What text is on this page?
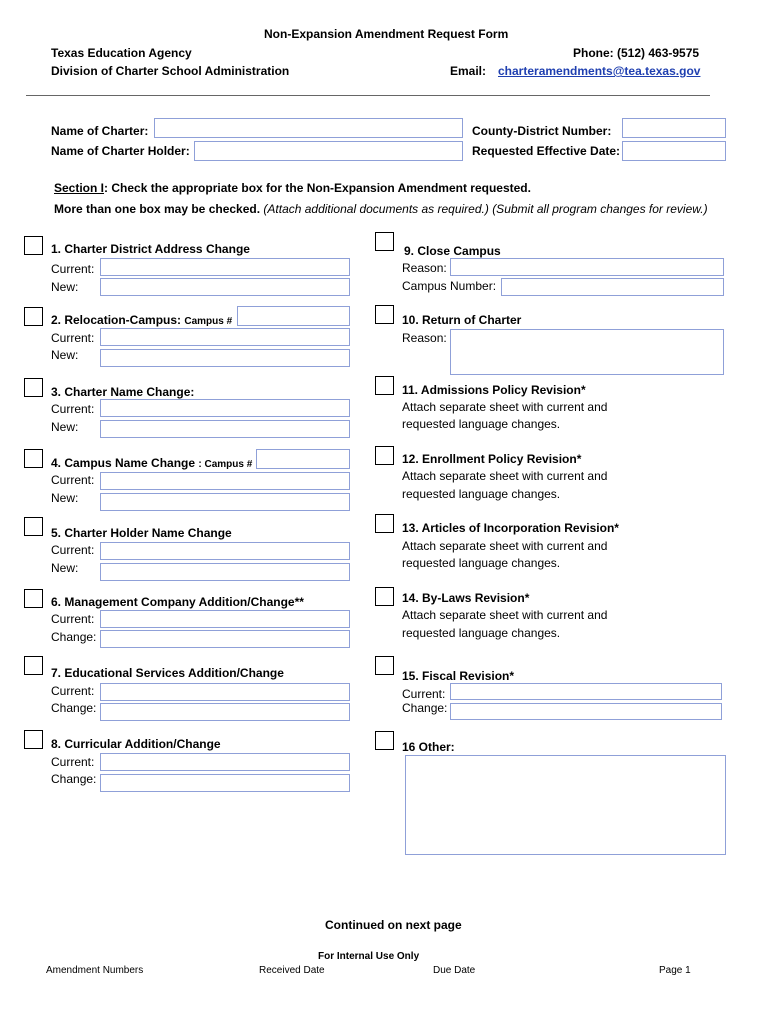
Non-Expansion Amendment Request Form
Texas Education Agency
Division of Charter School Administration
Phone: (512) 463-9575
Email: charteramendments@tea.texas.gov
Name of Charter:
Name of Charter Holder:
County-District Number:
Requested Effective Date:
Section I: Check the appropriate box for the Non-Expansion Amendment requested.
More than one box may be checked. (Attach additional documents as required.) (Submit all program changes for review.)
1. Charter District Address Change
Current:
New:
2. Relocation-Campus: Campus #
Current:
New:
3. Charter Name Change:
Current:
New:
4. Campus Name Change : Campus #
Current:
New:
5. Charter Holder Name Change
Current:
New:
6. Management Company Addition/Change**
Current:
Change:
7. Educational Services Addition/Change
Current:
Change:
8. Curricular Addition/Change
Current:
Change:
9. Close Campus
Reason:
Campus Number:
10. Return of Charter
Reason:
11. Admissions Policy Revision*
Attach separate sheet with current and
requested language changes.
12. Enrollment Policy Revision*
Attach separate sheet with current and
requested language changes.
13. Articles of Incorporation Revision*
Attach separate sheet with current and
requested language changes.
14. By-Laws Revision*
Attach separate sheet with current and
requested language changes.
15. Fiscal Revision*
Current:
Change:
16 Other:
Continued on next page
For Internal Use Only
Amendment Numbers	Received Date	Due Date	Page 1
